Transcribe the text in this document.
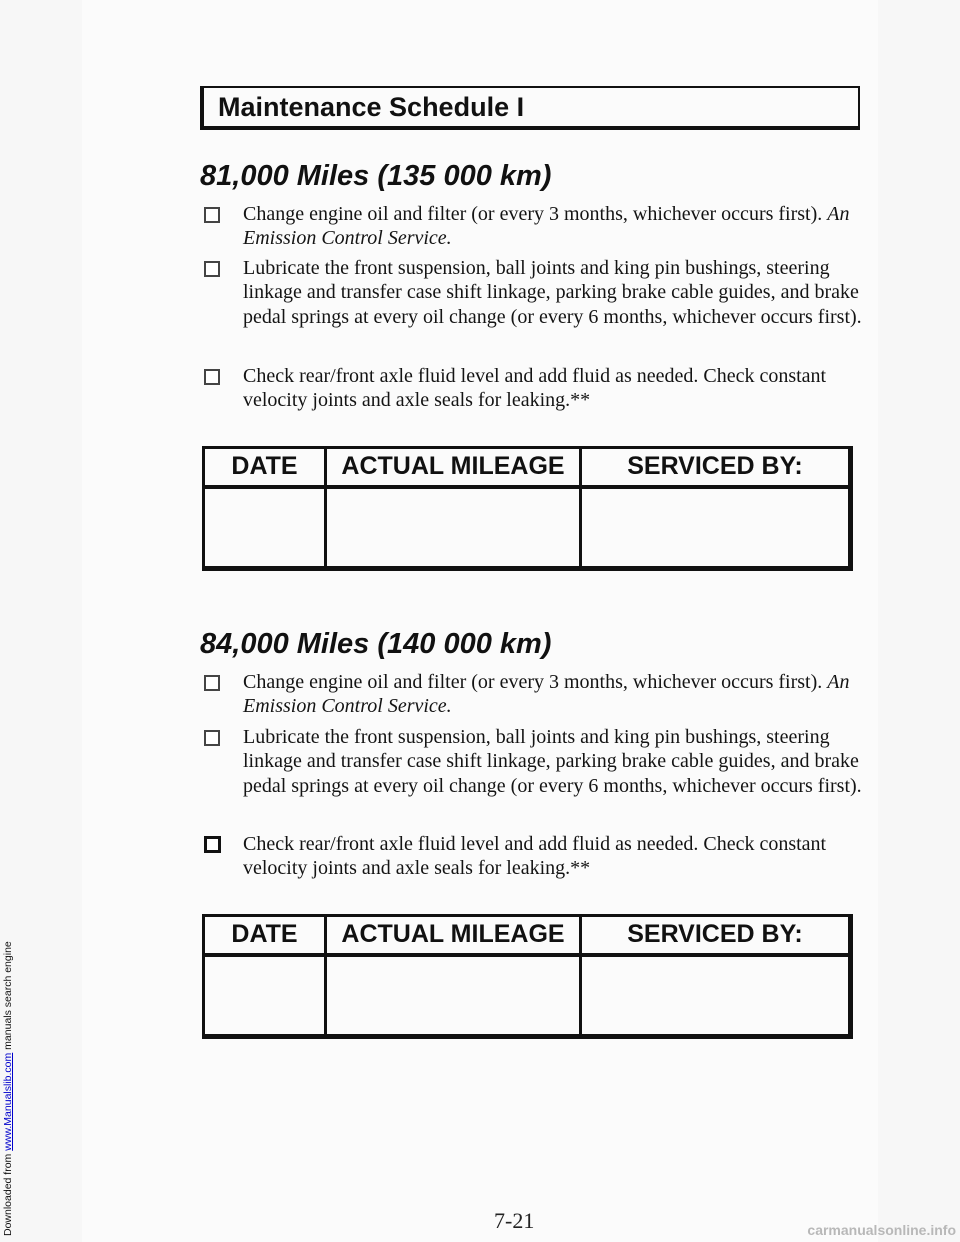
Downloaded from www.Manualslib.com manuals search engine
Maintenance Schedule I
81,000 Miles (135 000 km)
Change engine oil and filter (or every 3 months, whichever occurs first). An Emission Control Service.
Lubricate the front suspension, ball joints and king pin bushings, steering linkage and transfer case shift linkage, parking brake cable guides, and brake pedal springs at every oil change (or every 6 months, whichever occurs first).
Check rear/front axle fluid level and add fluid as needed. Check constant velocity joints and axle seals for leaking.**
DATE	ACTUAL MILEAGE	SERVICED BY:
84,000 Miles (140 000 km)
Change engine oil and filter (or every 3 months, whichever occurs first). An Emission Control Service.
Lubricate the front suspension, ball joints and king pin bushings, steering linkage and transfer case shift linkage, parking brake cable guides, and brake pedal springs at every oil change (or every 6 months, whichever occurs first).
Check rear/front axle fluid level and add fluid as needed. Check constant velocity joints and axle seals for leaking.**
DATE	ACTUAL MILEAGE	SERVICED BY:
7-21	carmanualsonline.info
